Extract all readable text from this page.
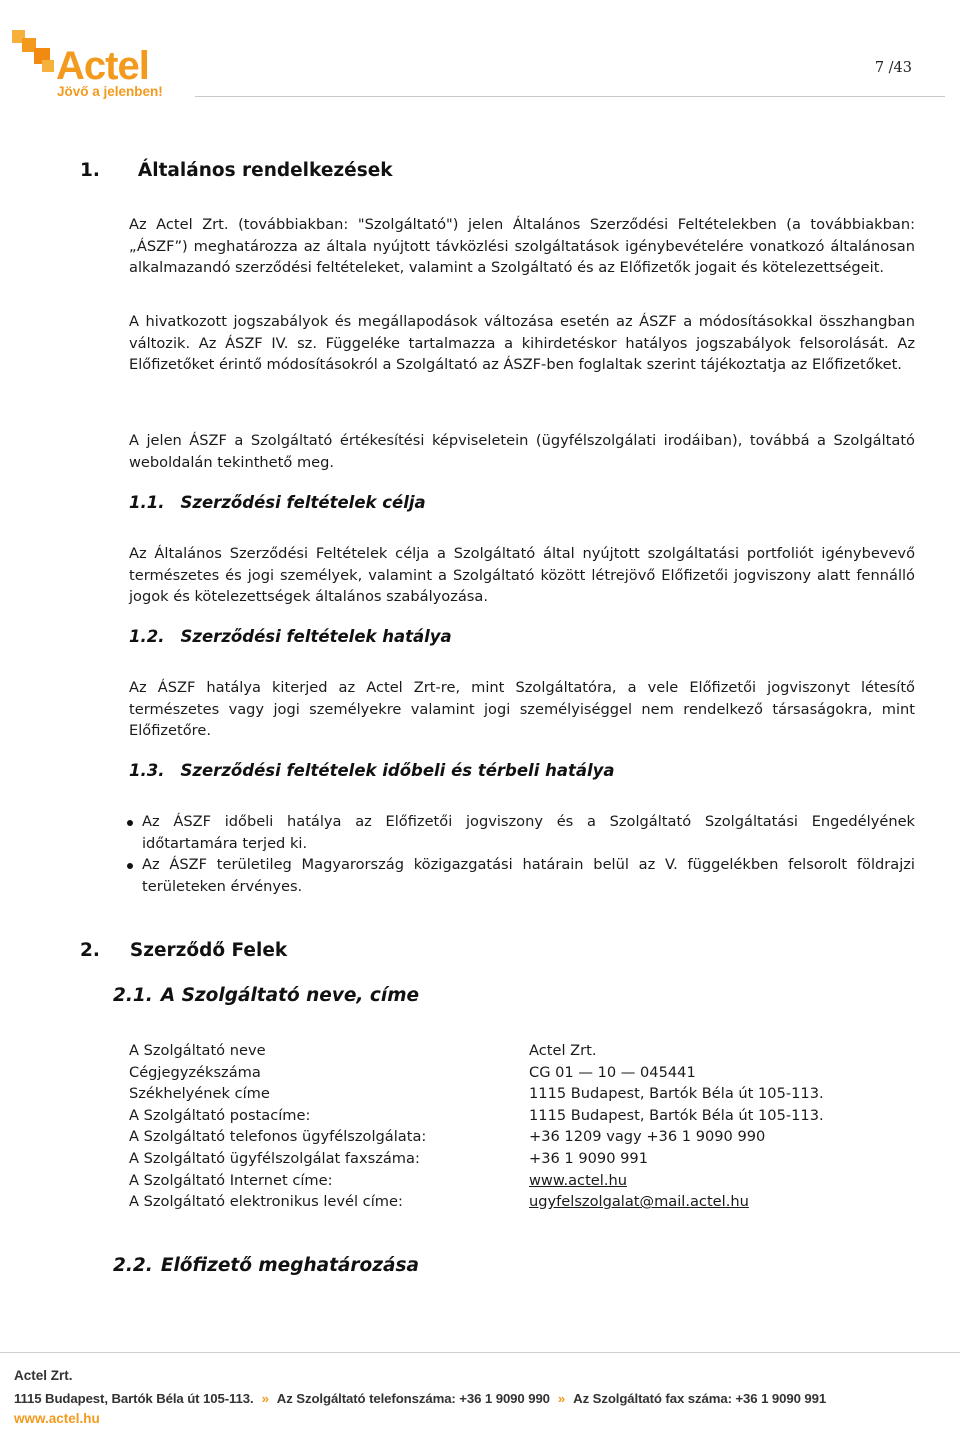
Actel
Jövő a jelenben!
7 /43
1. Általános rendelkezések
Az Actel Zrt. (továbbiakban: "Szolgáltató") jelen Általános Szerződési Feltételekben (a továbbiakban: „ÁSZF”) meghatározza az általa nyújtott távközlési szolgáltatások igénybevételére vonatkozó általánosan alkalmazandó szerződési feltételeket, valamint a Szolgáltató és az Előfizetők jogait és kötelezettségeit.
A hivatkozott jogszabályok és megállapodások változása esetén az ÁSZF a módosításokkal összhangban változik. Az ÁSZF IV. sz. Függeléke tartalmazza a kihirdetéskor hatályos jogszabályok felsorolását. Az Előfizetőket érintő módosításokról a Szolgáltató az ÁSZF-ben foglaltak szerint tájékoztatja az Előfizetőket.
A jelen ÁSZF a Szolgáltató értékesítési képviseletein (ügyfélszolgálati irodáiban), továbbá a Szolgáltató weboldalán tekinthető meg.
1.1. Szerződési feltételek célja
Az Általános Szerződési Feltételek célja a Szolgáltató által nyújtott szolgáltatási portfoliót igénybevevő természetes és jogi személyek, valamint a Szolgáltató között létrejövő Előfizetői jogviszony alatt fennálló jogok és kötelezettségek általános szabályozása.
1.2. Szerződési feltételek hatálya
Az ÁSZF hatálya kiterjed az Actel Zrt-re, mint Szolgáltatóra, a vele Előfizetői jogviszonyt létesítő természetes vagy jogi személyekre valamint jogi személyiséggel nem rendelkező társaságokra, mint Előfizetőre.
1.3. Szerződési feltételek időbeli és térbeli hatálya
Az ÁSZF időbeli hatálya az Előfizetői jogviszony és a Szolgáltató Szolgáltatási Engedélyének időtartamára terjed ki.
Az ÁSZF területileg Magyarország közigazgatási határain belül az V. függelékben felsorolt földrajzi területeken érvényes.
2. Szerződő Felek
2.1. A Szolgáltató neve, címe
A Szolgáltató neve	Actel Zrt.
Cégjegyzékszáma	CG 01 — 10 — 045441
Székhelyének címe	1115 Budapest, Bartók Béla út 105-113.
A Szolgáltató postacíme:	1115 Budapest, Bartók Béla út 105-113.
A Szolgáltató telefonos ügyfélszolgálata:	+36 1209 vagy +36 1 9090 990
A Szolgáltató ügyfélszolgálat faxszáma:	+36 1 9090 991
A Szolgáltató Internet címe:	www.actel.hu
A Szolgáltató elektronikus levél címe:	ugyfelszolgalat@mail.actel.hu
2.2. Előfizető meghatározása
Actel Zrt.
1115 Budapest, Bartók Béla út 105-113. » Az Szolgáltató telefonszáma: +36 1 9090 990 » Az Szolgáltató fax száma: +36 1 9090 991
www.actel.hu
